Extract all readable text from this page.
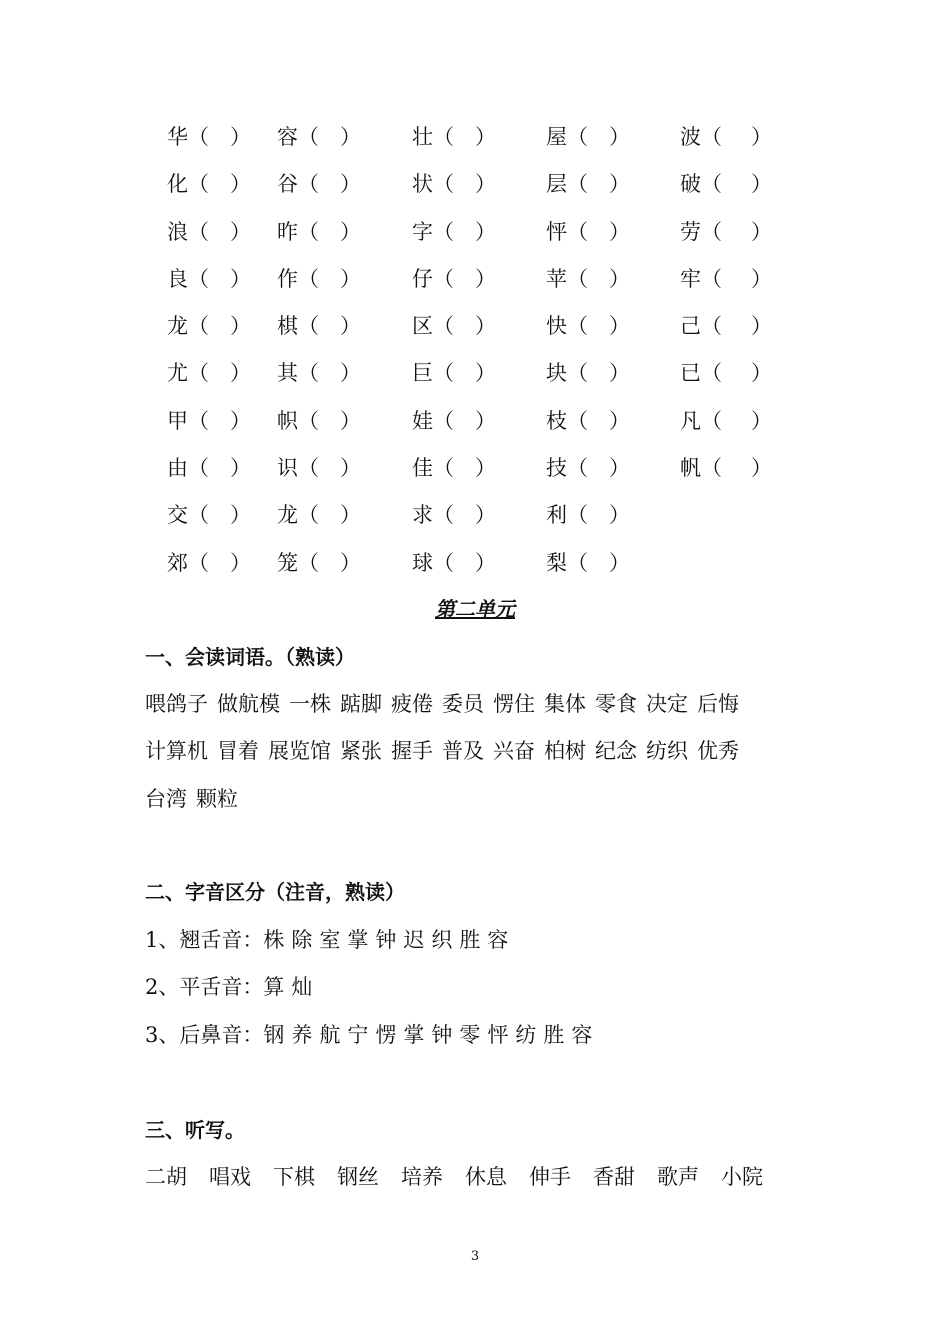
华（ ） 容（ ） 壮（ ） 屋（ ） 波（ ）
化（ ） 谷（ ） 状（ ） 层（ ） 破（ ）
浪（ ） 昨（ ） 字（ ） 怦（ ） 劳（ ）
良（ ） 作（ ） 仔（ ） 苹（ ） 牢（ ）
龙（ ） 棋（ ） 区（ ） 快（ ） 己（ ）
尤（ ） 其（ ） 巨（ ） 块（ ） 已（ ）
甲（ ） 帜（ ） 娃（ ） 枝（ ） 凡（ ）
由（ ） 识（ ） 佳（ ） 技（ ） 帆（ ）
交（ ） 龙（ ） 求（ ） 利（ ）
郊（ ） 笼（ ） 球（ ） 梨（ ）
第二单元
一、会读词语。（熟读）
喂鸽子 做航模 一株 踮脚 疲倦 委员 愣住 集体 零食 决定 后悔
计算机 冒着 展览馆 紧张 握手 普及 兴奋 柏树 纪念 纺织 优秀
台湾 颗粒
二、字音区分（注音，熟读）
1、翘舌音：株 除 室 掌 钟 迟 织 胜 容
2、平舌音：算 灿
3、后鼻音：钢 养 航 宁 愣 掌 钟 零 怦 纺 胜 容
三、听写。
二胡 唱戏 下棋 钢丝 培养 休息 伸手 香甜 歌声 小院
3
